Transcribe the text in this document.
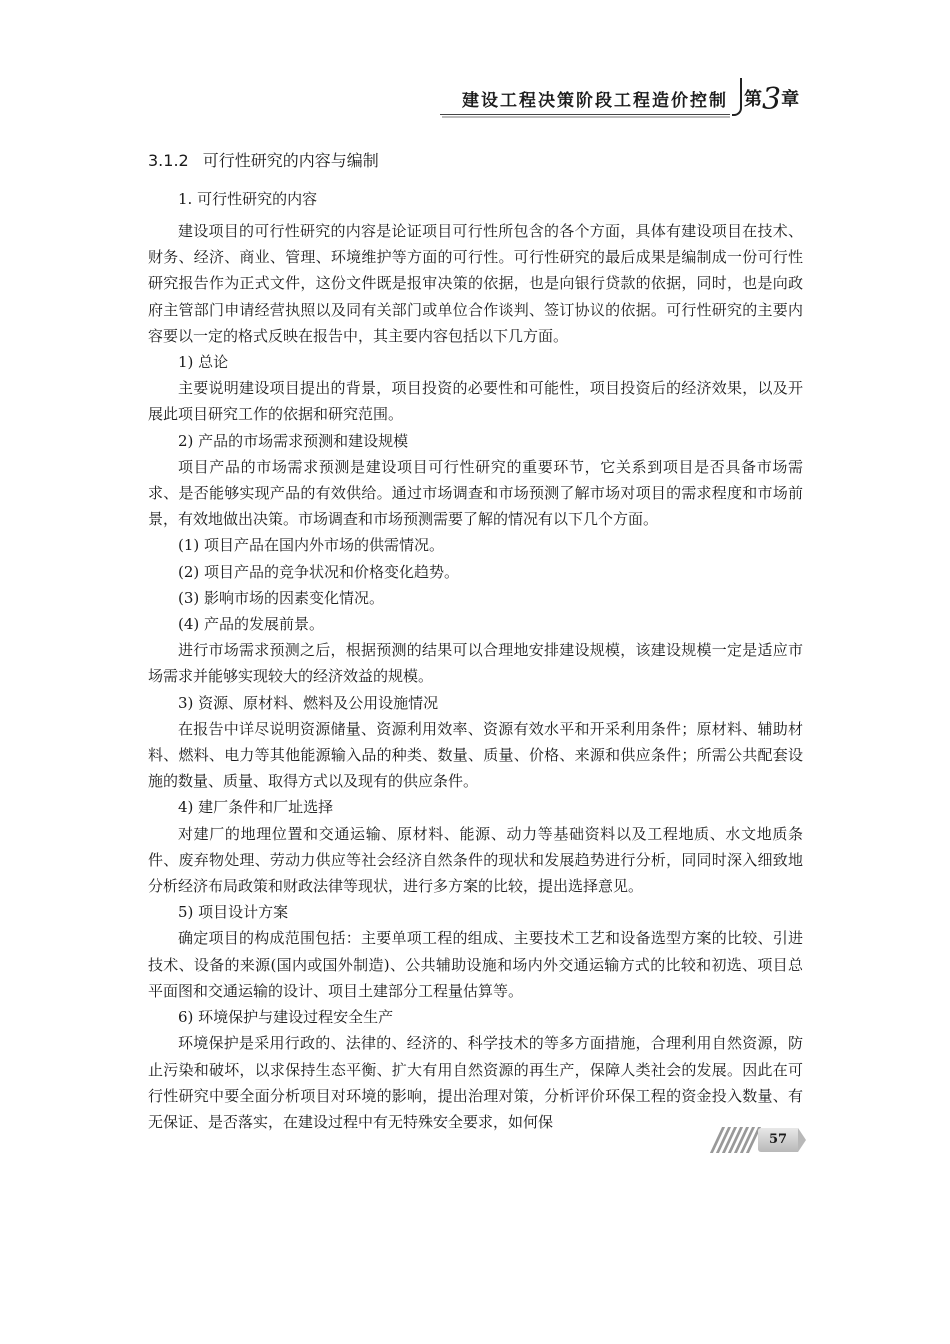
建设工程决策阶段工程造价控制 第3章
3.1.2 可行性研究的内容与编制
1. 可行性研究的内容

建设项目的可行性研究的内容是论证项目可行性所包含的各个方面，具体有建设项目在技术、财务、经济、商业、管理、环境维护等方面的可行性。可行性研究的最后成果是编制成一份可行性研究报告作为正式文件，这份文件既是报审决策的依据，也是向银行贷款的依据，同时，也是向政府主管部门申请经营执照以及同有关部门或单位合作谈判、签订协议的依据。可行性研究的主要内容要以一定的格式反映在报告中，其主要内容包括以下几方面。

1) 总论

主要说明建设项目提出的背景，项目投资的必要性和可能性，项目投资后的经济效果，以及开展此项目研究工作的依据和研究范围。

2) 产品的市场需求预测和建设规模

项目产品的市场需求预测是建设项目可行性研究的重要环节，它关系到项目是否具备市场需求、是否能够实现产品的有效供给。通过市场调查和市场预测了解市场对项目的需求程度和市场前景，有效地做出决策。市场调查和市场预测需要了解的情况有以下几个方面。

(1) 项目产品在国内外市场的供需情况。

(2) 项目产品的竞争状况和价格变化趋势。

(3) 影响市场的因素变化情况。

(4) 产品的发展前景。

进行市场需求预测之后，根据预测的结果可以合理地安排建设规模，该建设规模一定是适应市场需求并能够实现较大的经济效益的规模。

3) 资源、原材料、燃料及公用设施情况

在报告中详尽说明资源储量、资源利用效率、资源有效水平和开采利用条件；原材料、辅助材料、燃料、电力等其他能源输入品的种类、数量、质量、价格、来源和供应条件；所需公共配套设施的数量、质量、取得方式以及现有的供应条件。

4) 建厂条件和厂址选择

对建厂的地理位置和交通运输、原材料、能源、动力等基础资料以及工程地质、水文地质条件、废弃物处理、劳动力供应等社会经济自然条件的现状和发展趋势进行分析，同同时深入细致地分析经济布局政策和财政法律等现状，进行多方案的比较，提出选择意见。

5) 项目设计方案

确定项目的构成范围包括：主要单项工程的组成、主要技术工艺和设备选型方案的比较、引进技术、设备的来源(国内或国外制造)、公共辅助设施和场内外交通运输方式的比较和初选、项目总平面图和交通运输的设计、项目土建部分工程量估算等。

6) 环境保护与建设过程安全生产

环境保护是采用行政的、法律的、经济的、科学技术的等多方面措施，合理利用自然资源，防止污染和破坏，以求保持生态平衡、扩大有用自然资源的再生产，保障人类社会的发展。因此在可行性研究中要全面分析项目对环境的影响，提出治理对策，分析评价环保工程的资金投入数量、有无保证、是否落实，在建设过程中有无特殊安全要求，如何保

57
